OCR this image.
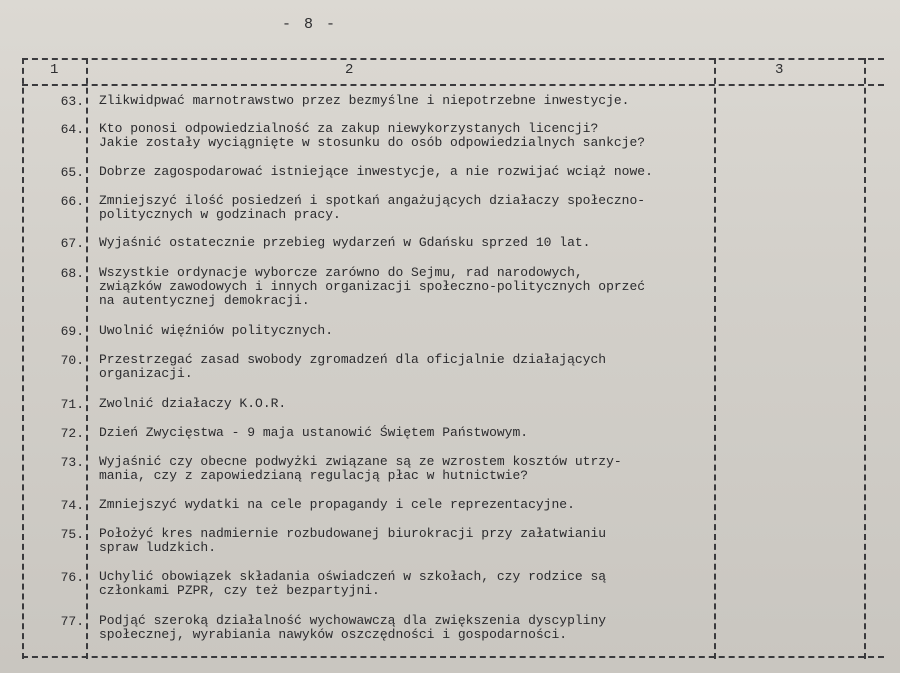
- 8 -
1	2	3
63. Zlikwidpwać marnotrawstwo przez bezmyślne i niepotrzebne inwestycje.
64. Kto ponosi odpowiedzialność za zakup niewykorzystanych licencji?
Jakie zostały wyciągnięte w stosunku do osób odpowiedzialnych sankcje?
65. Dobrze zagospodarować istniejące inwestycje, a nie rozwijać wciąż nowe.
66. Zmniejszyć ilość posiedzeń i spotkań angażujących działaczy społeczno-
politycznych w godzinach pracy.
67. Wyjaśnić ostatecznie przebieg wydarzeń w Gdańsku sprzed 10 lat.
68. Wszystkie ordynacje wyborcze zarówno do Sejmu, rad narodowych,
związków zawodowych i innych organizacji społeczno-politycznych oprzeć
na autentycznej demokracji.
69. Uwolnić więźniów politycznych.
70. Przestrzegać zasad swobody zgromadzeń dla oficjalnie działających
organizacji.
71. Zwolnić działaczy K.O.R.
72. Dzień Zwycięstwa - 9 maja ustanowić Świętem Państwowym.
73. Wyjaśnić czy obecne podwyżki związane są ze wzrostem kosztów utrzy-
mania, czy z zapowiedzianą regulacją płac w hutnictwie?
74. Zmniejszyć wydatki na cele propagandy i cele reprezentacyjne.
75. Położyć kres nadmiernie rozbudowanej biurokracji przy załatwianiu
spraw ludzkich.
76. Uchylić obowiązek składania oświadczeń w szkołach, czy rodzice są
członkami PZPR, czy też bezpartyjni.
77. Podjąć szeroką działalność wychowawczą dla zwiększenia dyscypliny
społecznej, wyrabiania nawyków oszczędności i gospodarności.
